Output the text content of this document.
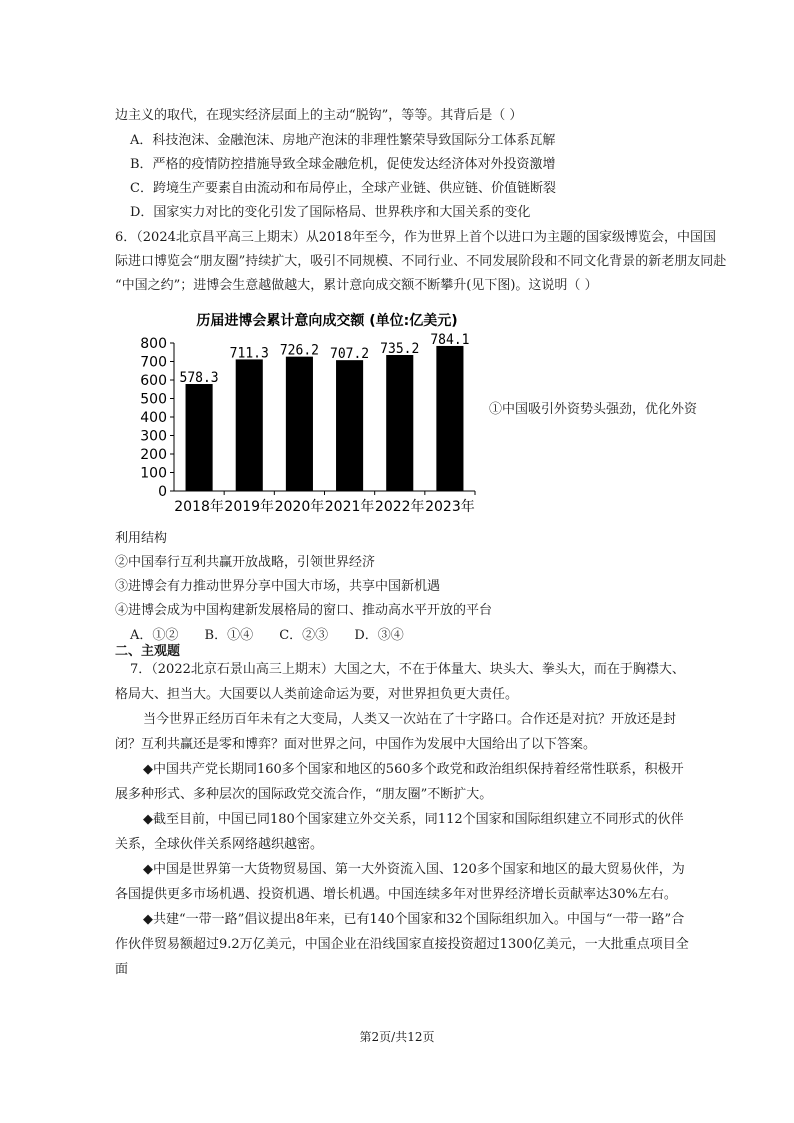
边主义的取代，在现实经济层面上的主动“脱钩”，等等。其背后是（ ）
A．科技泡沫、金融泡沫、房地产泡沫的非理性繁荣导致国际分工体系瓦解
B．严格的疫情防控措施导致全球金融危机，促使发达经济体对外投资激增
C．跨境生产要素自由流动和布局停止，全球产业链、供应链、价值链断裂
D．国家实力对比的变化引发了国际格局、世界秩序和大国关系的变化
6．（2024北京昌平高三上期末）从2018年至今，作为世界上首个以进口为主题的国家级博览会，中国国
际进口博览会“朋友圈”持续扩大，吸引不同规模、不同行业、不同发展阶段和不同文化背景的新老朋友同赴
“中国之约”；进博会生意越做越大，累计意向成交额不断攀升(见下图)。这说明（ ）
历届进博会累计意向成交额 (单位:亿美元)
0
100
200
300
400
500
600
700
800
2018年 2019年 2020年 2021年 2022年 2023年
578.3
711.3 726.2 707.2 735.2
784.1
①中国吸引外资势头强劲，优化外资
利用结构
②中国奉行互利共赢开放战略，引领世界经济
③进博会有力推动世界分享中国大市场，共享中国新机遇
④进博会成为中国构建新发展格局的窗口、推动高水平开放的平台
A．①② B．①④ C．②③ D．③④
二、主观题
7．（2022北京石景山高三上期末）大国之大，不在于体量大、块头大、拳头大，而在于胸襟大、格局大、担当大。大国要以人类前途命运为要，对世界担负更大责任。
当今世界正经历百年未有之大变局，人类又一次站在了十字路口。合作还是对抗？开放还是封闭？互利共赢还是零和博弈？面对世界之问，中国作为发展中大国给出了以下答案。
◆中国共产党长期同160多个国家和地区的560多个政党和政治组织保持着经常性联系，积极开展多种形式、多种层次的国际政党交流合作，“朋友圈”不断扩大。
◆截至目前，中国已同180个国家建立外交关系，同112个国家和国际组织建立不同形式的伙伴关系，全球伙伴关系网络越织越密。
◆中国是世界第一大货物贸易国、第一大外资流入国、120多个国家和地区的最大贸易伙伴，为各国提供更多市场机遇、投资机遇、增长机遇。中国连续多年对世界经济增长贡献率达30%左右。
◆共建“一带一路”倡议提出8年来，已有140个国家和32个国际组织加入。中国与“一带一路”合作伙伴贸易额超过9.2万亿美元，中国企业在沿线国家直接投资超过1300亿美元，一大批重点项目全面
第2页/共12页
